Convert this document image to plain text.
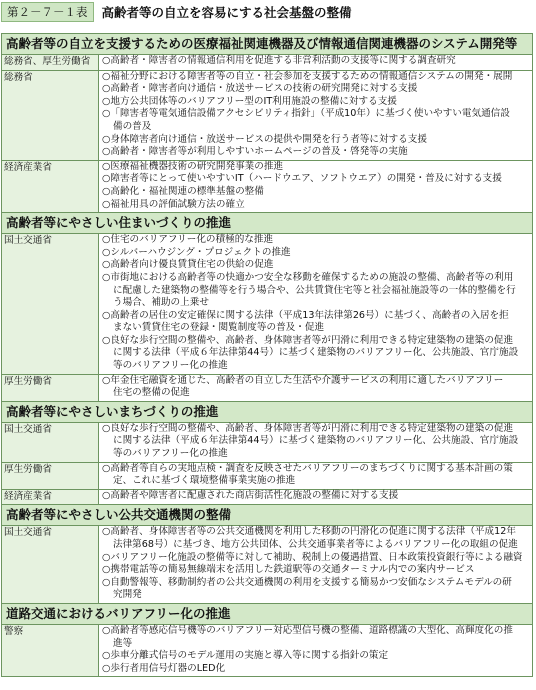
第２－７－１表	高齢者等の自立を容易にする社会基盤の整備
高齢者等の自立を支援するための医療福祉関連機器及び情報通信関連機器のシステム開発等
総務省、厚生労働省	○高齢者・障害者の情報通信利用を促進する非営利活動の支援等に関する調査研究
総務省	○福祉分野における障害者等の自立・社会参加を支援するための情報通信システムの開発・展開
○高齢者・障害者向け通信・放送サービスの技術の研究開発に対する支援
○地方公共団体等のバリアフリー型のIT利用施設の整備に対する支援
○「障害者等電気通信設備アクセシビリティ指針」（平成10年）に基づく使いやすい電気通信設
備の普及
○身体障害者向け通信・放送サービスの提供や開発を行う者等に対する支援
○高齢者・障害者等が利用しやすいホームページの普及・啓発等の実施
経済産業省	○医療福祉機器技術の研究開発事業の推進
○障害者等にとって使いやすいIT（ハードウエア、ソフトウエア）の開発・普及に対する支援
○高齢化・福祉関連の標準基盤の整備
○福祉用具の評価試験方法の確立
高齢者等にやさしい住まいづくりの推進
国土交通省	○住宅のバリアフリー化の積極的な推進
○シルバーハウジング・プロジェクトの推進
○高齢者向け優良賃貸住宅の供給の促進
○市街地における高齢者等の快適かつ安全な移動を確保するための施設の整備、高齢者等の利用
に配慮した建築物の整備等を行う場合や、公共賃貸住宅等と社会福祉施設等の一体的整備を行
う場合、補助の上乗せ
○高齢者の居住の安定確保に関する法律（平成13年法律第26号）に基づく、高齢者の入居を拒
まない賃貸住宅の登録・閲覧制度等の普及・促進
○良好な歩行空間の整備や、高齢者、身体障害者等が円滑に利用できる特定建築物の建築の促進
に関する法律（平成６年法律第44号）に基づく建築物のバリアフリー化、公共施設、官庁施設
等のバリアフリー化の推進
厚生労働省	○年金住宅融資を通じた、高齢者の自立した生活や介護サービスの利用に適したバリアフリー
住宅の整備の促進
高齢者等にやさしいまちづくりの推進
国土交通省	○良好な歩行空間の整備や、高齢者、身体障害者等が円滑に利用できる特定建築物の建築の促進
に関する法律（平成６年法律第44号）に基づく建築物のバリアフリー化、公共施設、官庁施設
等のバリアフリー化の推進
厚生労働省	○高齢者等自らの実地点検・調査を反映させたバリアフリーのまちづくりに関する基本計画の策
定、これに基づく環境整備事業実施の推進
経済産業省	○高齢者や障害者に配慮された商店街活性化施設の整備に対する支援
高齢者等にやさしい公共交通機関の整備
国土交通省	○高齢者、身体障害者等の公共交通機関を利用した移動の円滑化の促進に関する法律（平成12年
法律第68号）に基づき、地方公共団体、公共交通事業者等によるバリアフリー化の取組の促進
○バリアフリー化施設の整備等に対して補助、税制上の優遇措置、日本政策投資銀行等による融資
○携帯電話等の簡易無線端末を活用した鉄道駅等の交通ターミナル内での案内サービス
○自動警報等、移動制約者の公共交通機関の利用を支援する簡易かつ安価なシステムモデルの研
究開発
道路交通におけるバリアフリー化の推進
警察	○高齢者等感応信号機等のバリアフリー対応型信号機の整備、道路標識の大型化、高輝度化の推
進等
○歩車分離式信号のモデル運用の実施と導入等に関する指針の策定
○歩行者用信号灯器のLED化
